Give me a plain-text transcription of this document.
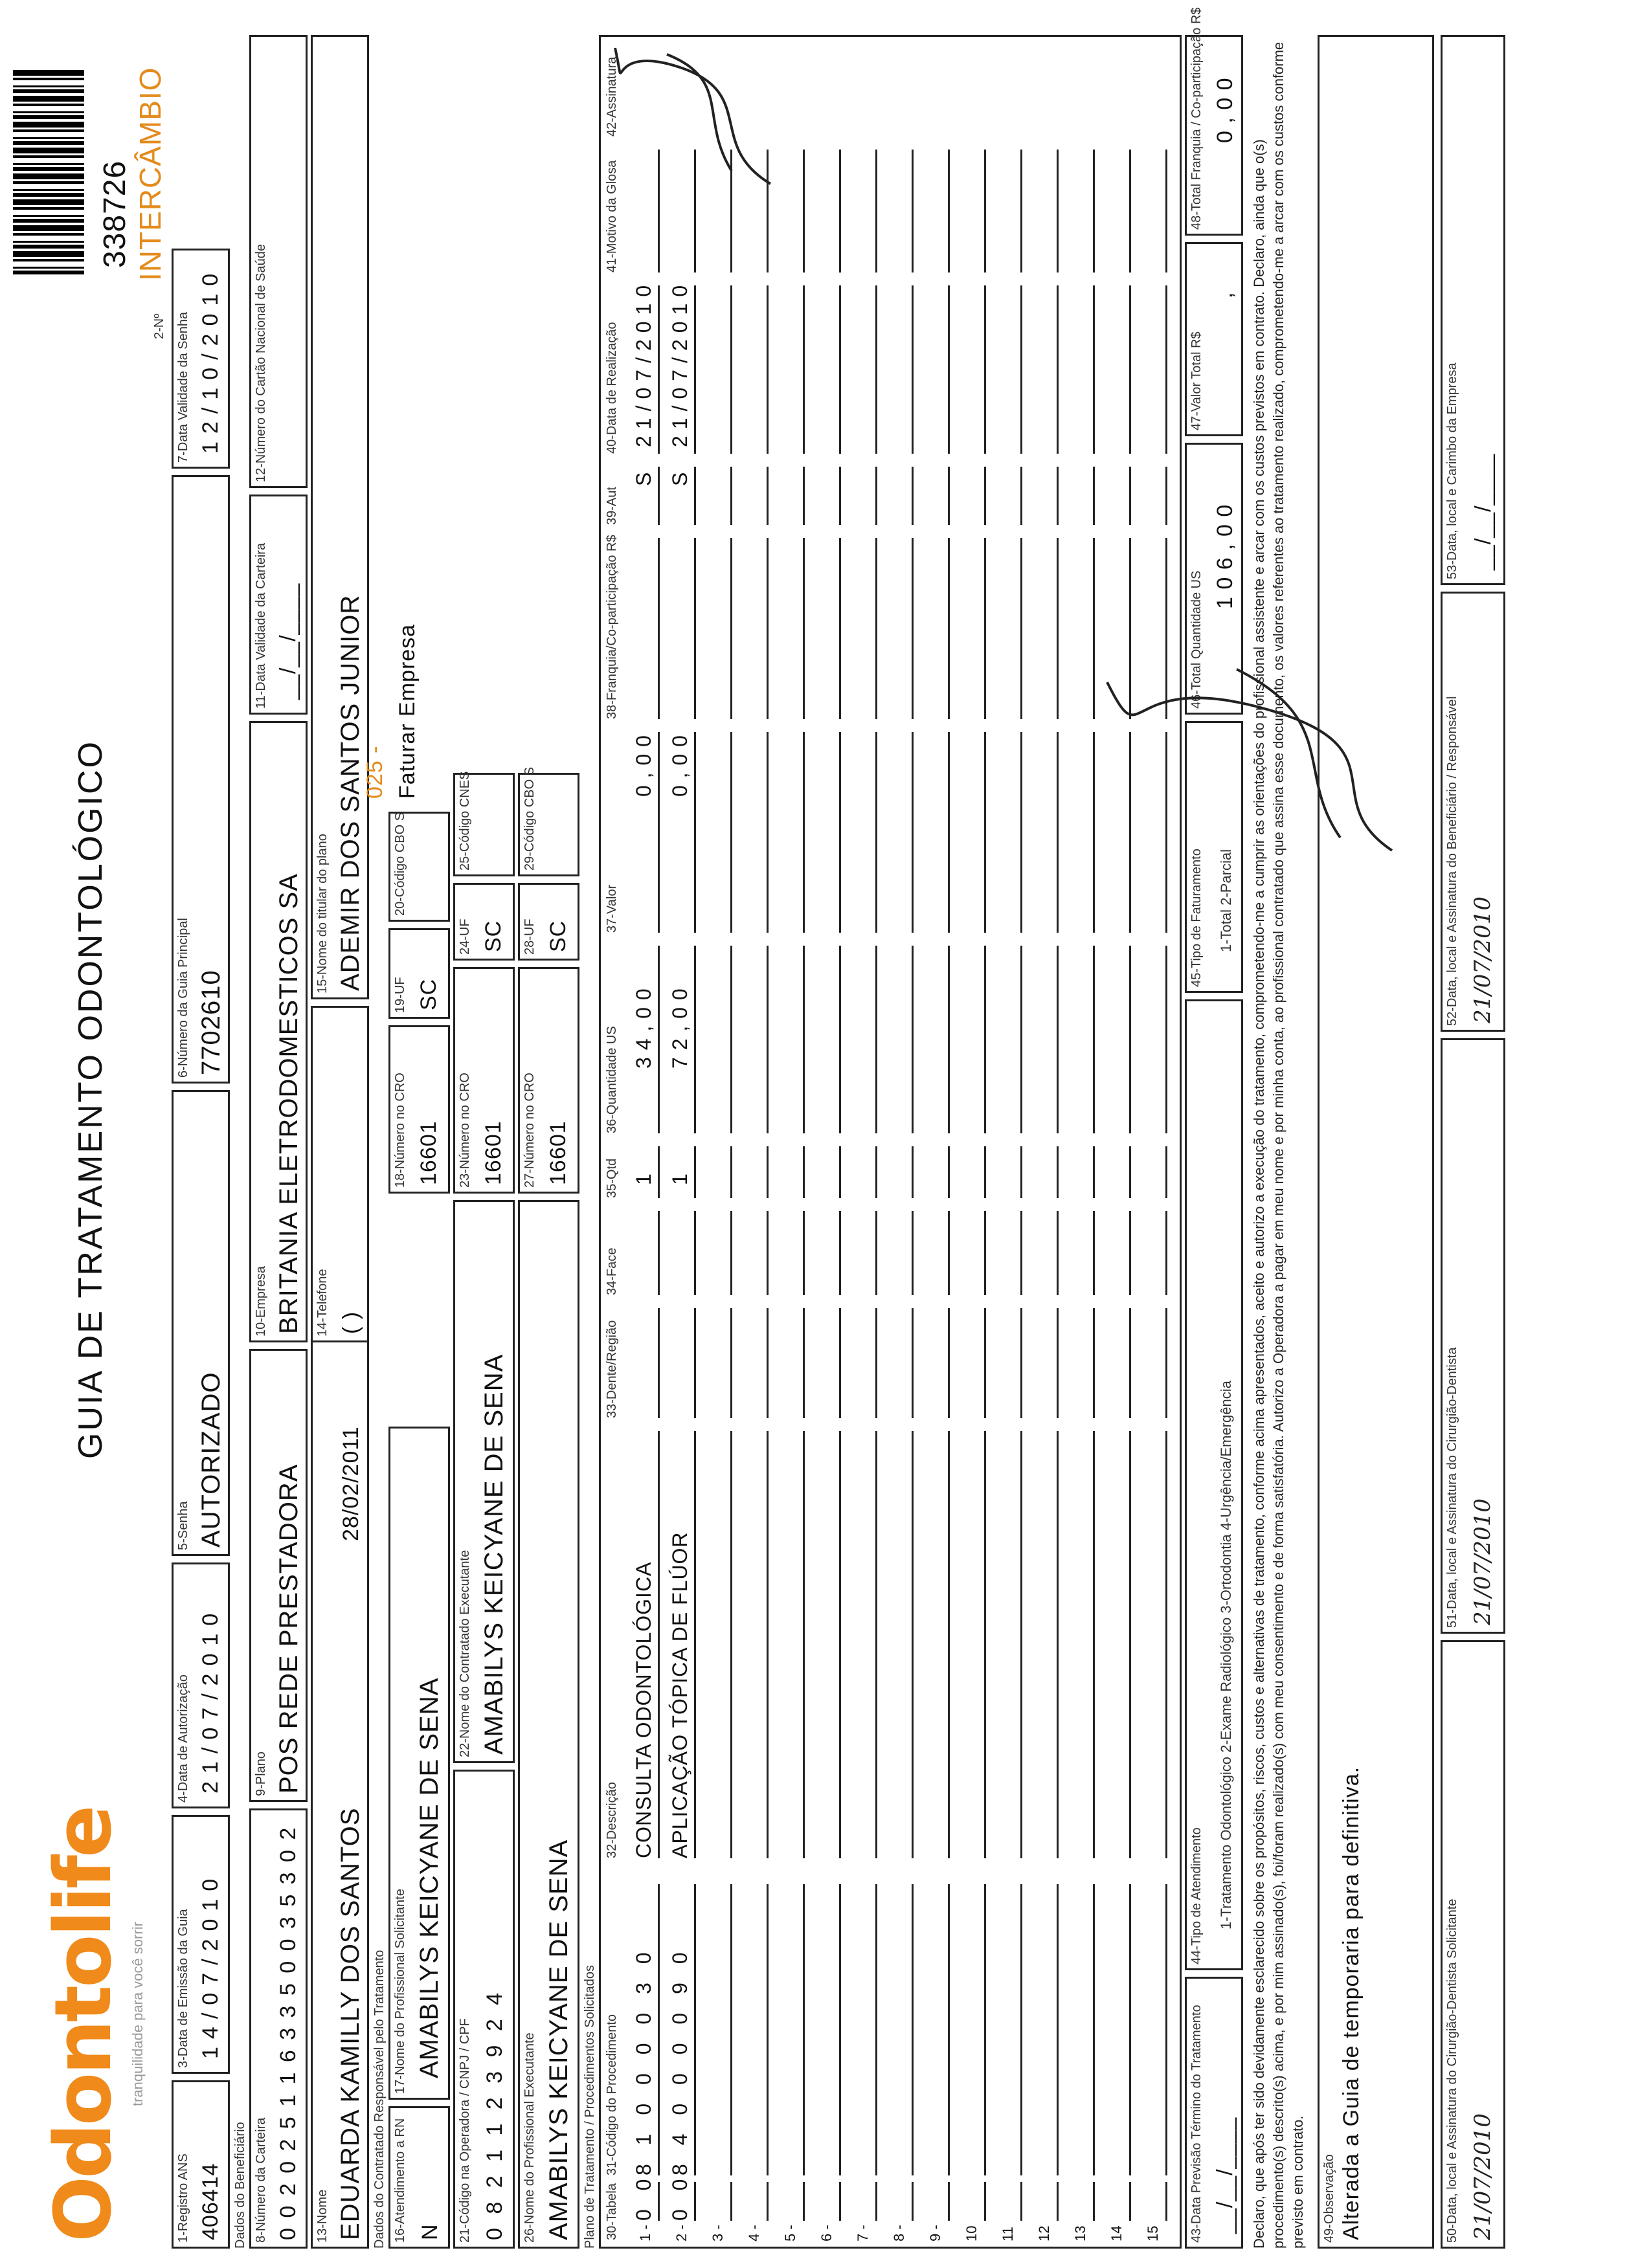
Odontolife tranquilidade para você sorrir
GUIA DE TRATAMENTO ODONTOLÓGICO
2-Nº
338726 INTERCÂMBIO
1-Registro ANS 406414
3-Data de Emissão da Guia 14/07/2010
4-Data de Autorização 21/07/2010
5-Senha AUTORIZADO
6-Número da Guia Principal 7702610
7-Data Validade da Senha 12/10/2010
Dados do Beneficiário 8-Número da Carteira 0 0 2 0 2 5 1 1 6 3 3 5 0 0 3 5 3 0 2
9-Plano POS REDE PRESTADORA
10-Empresa BRITANIA ELETRODOMESTICOS SA
11-Data Validade da Carteira __/__/____
12-Número do Cartão Nacional de Saúde
13-Nome EDUARDA KAMILLY DOS SANTOS
28/02/2011
14-Telefone ( )
15-Nome do titular do plano ADEMIR DOS SANTOS JUNIOR
Dados do Contratado Responsável pelo Tratamento 16-Atendimento a RN N
17-Nome do Profissional Solicitante AMABILYS KEICYANE DE SENA
18-Número no CRO 16601
19-UF SC
20-Código CBO S
025 - Faturar Empresa
21-Código na Operadora / CNPJ / CPF 0 8 2 1 1 2 3 9 2 4
22-Nome do Contratado Executante AMABILYS KEICYANE DE SENA
23-Número no CRO 16601
24-UF SC
25-Código CNES
26-Nome do Profissional Executante AMABILYS KEICYANE DE SENA
27-Número no CRO 16601
28-UF SC
29-Código CBO S
Plano de Tratamento / Procedimentos Solicitados 30-Tabela
31-Código do Procedimento
32-Descrição
33-Dente/Região
34-Face
35-Qtd
36-Quantidade US
37-Valor
38-Franquia/Co-participação R$
39-Aut
40-Data de Realização
41-Motivo da Glosa
42-Assinatura
1 -
0 0
8 1 0 0 0 0 3 0
CONSULTA ODONTOLÓGICA
1
3 4 , 0 0
0 , 0 0
S
21/07/2010
2 -
0 0
8 4 0 0 0 0 9 0
APLICAÇÃO TÓPICA DE FLÚOR
1
7 2 , 0 0
0 , 0 0
S
21/07/2010
3 - 4 - 5 - 6 - 7 - 8 - 9 - 10 11 12 13 14 15 43-Data Previsão Término do Tratamento __/__/____
44-Tipo de Atendimento 1-Tratamento Odontológico 2-Exame Radiológico 3-Ortodontia 4-Urgência/Emergência
45-Tipo de Faturamento 1-Total 2-Parcial
46-Total Quantidade US
1 0 6 , 0 0
47-Valor Total R$
,
48-Total Franquia / Co-participação R$ 0 , 0 0
Declaro, que após ter sido devidamente esclarecido sobre os propósitos, riscos, custos e alternativas de tratamento, conforme acima apresentados, aceito e autorizo a execução do tratamento, comprometendo-me a cumprir as orientações do profissional assistente e arcar com os custos previstos em contrato. Declaro, ainda que o(s) procedimento(s) descrito(s) acima, e por mim assinado(s), foi/foram realizado(s) com meu consentimento e de forma satisfatória. Autorizo a Operadora a pagar em meu nome e por minha conta, ao profissional contratado que assina esse documento, os valores referentes ao tratamento realizado, comprometendo-me a arcar com os custos conforme previsto em contrato. 49-Observação Alterada a Guia de temporaria para definitiva.	50-Data, local e Assinatura do Cirurgião-Dentista Solicitante 21/07/2010
51-Data, local e Assinatura do Cirurgião-Dentista 21/07/2010
52-Data, local e Assinatura do Beneficiário / Responsável 21/07/2010
53-Data, local e Carimbo da Empresa __/__/____
